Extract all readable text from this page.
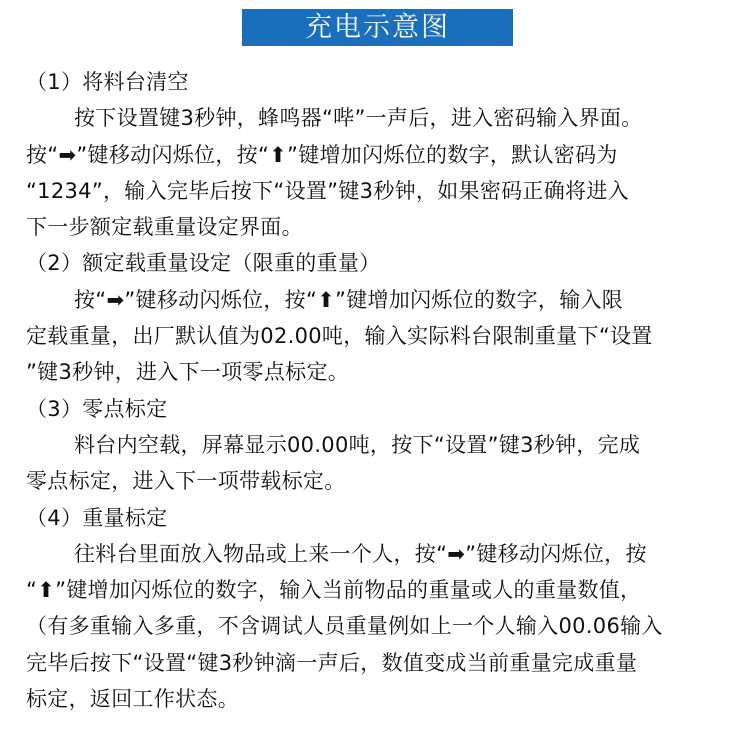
充电示意图
（1）将料台清空
按下设置键3秒钟，蜂鸣器“哔”一声后，进入密码输入界面。
按“➡”键移动闪烁位，按“⬆”键增加闪烁位的数字，默认密码为
“1234”，输入完毕后按下“设置”键3秒钟，如果密码正确将进入
下一步额定载重量设定界面。
（2）额定载重量设定（限重的重量）
按“➡”键移动闪烁位，按“⬆”键增加闪烁位的数字，输入限
定载重量，出厂默认值为02.00吨，输入实际料台限制重量下“设置
”键3秒钟，进入下一项零点标定。
（3）零点标定
料台内空载，屏幕显示00.00吨，按下“设置”键3秒钟，完成
零点标定，进入下一项带载标定。
（4）重量标定
往料台里面放入物品或上来一个人，按“➡”键移动闪烁位，按
“⬆”键增加闪烁位的数字，输入当前物品的重量或人的重量数值，
（有多重输入多重，不含调试人员重量例如上一个人输入00.06输入
完毕后按下“设置“键3秒钟滴一声后，数值变成当前重量完成重量
标定，返回工作状态。
